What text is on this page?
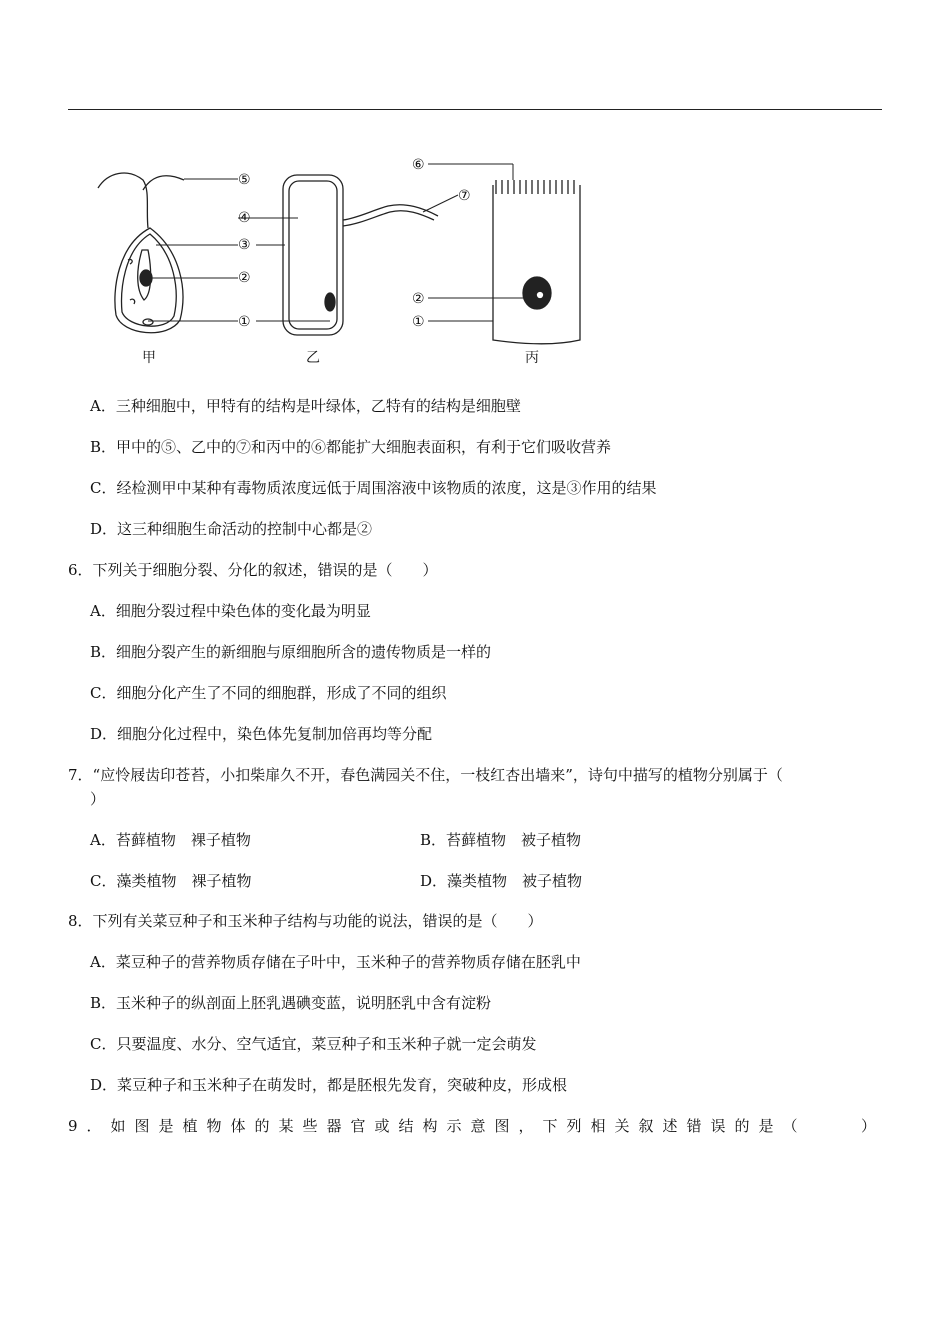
⑤
④
③
②
①
⑦
⑥
②
①
甲	乙	丙
A．三种细胞中，甲特有的结构是叶绿体，乙特有的结构是细胞壁
B．甲中的⑤、乙中的⑦和丙中的⑥都能扩大细胞表面积，有利于它们吸收营养
C．经检测甲中某种有毒物质浓度远低于周围溶液中该物质的浓度，这是③作用的结果
D．这三种细胞生命活动的控制中心都是②
6．下列关于细胞分裂、分化的叙述，错误的是（　　）
A．细胞分裂过程中染色体的变化最为明显
B．细胞分裂产生的新细胞与原细胞所含的遗传物质是一样的
C．细胞分化产生了不同的细胞群，形成了不同的组织
D．细胞分化过程中，染色体先复制加倍再均等分配
7．“应怜屐齿印苍苔，小扣柴扉久不开，春色满园关不住，一枝红杏出墙来”，诗句中描写的植物分别属于（
）
A．苔藓植物　裸子植物	B．苔藓植物　被子植物
C．藻类植物　裸子植物	D．藻类植物　被子植物
8．下列有关菜豆种子和玉米种子结构与功能的说法，错误的是（　　）
A．菜豆种子的营养物质存储在子叶中，玉米种子的营养物质存储在胚乳中
B．玉米种子的纵剖面上胚乳遇碘变蓝，说明胚乳中含有淀粉
C．只要温度、水分、空气适宜，菜豆种子和玉米种子就一定会萌发
D．菜豆种子和玉米种子在萌发时，都是胚根先发育，突破种皮，形成根
9．如图是植物体的某些器官或结构示意图，下列相关叙述错误的是（	）
